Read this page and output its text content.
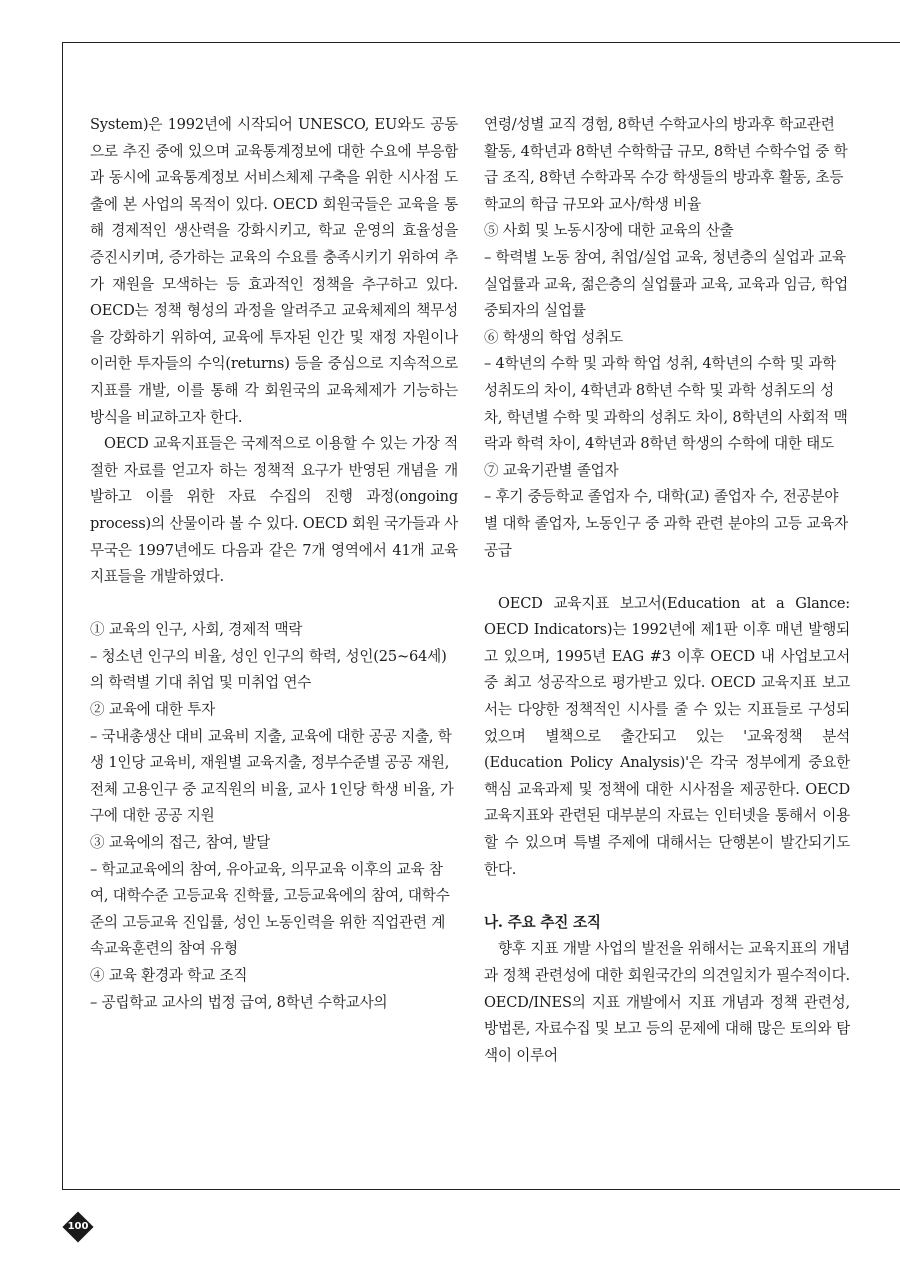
System)은 1992년에 시작되어 UNESCO, EU와도 공동으로 추진 중에 있으며 교육통계정보에 대한 수요에 부응함과 동시에 교육통계정보 서비스체제 구축을 위한 시사점 도출에 본 사업의 목적이 있다. OECD 회원국들은 교육을 통해 경제적인 생산력을 강화시키고, 학교 운영의 효율성을 증진시키며, 증가하는 교육의 수요를 충족시키기 위하여 추가 재원을 모색하는 등 효과적인 정책을 추구하고 있다. OECD는 정책 형성의 과정을 알려주고 교육체제의 책무성을 강화하기 위하여, 교육에 투자된 인간 및 재정 자원이나 이러한 투자들의 수익(returns) 등을 중심으로 지속적으로 지표를 개발, 이를 통해 각 회원국의 교육체제가 기능하는 방식을 비교하고자 한다.

OECD 교육지표들은 국제적으로 이용할 수 있는 가장 적절한 자료를 얻고자 하는 정책적 요구가 반영된 개념을 개발하고 이를 위한 자료 수집의 진행 과정(ongoing process)의 산물이라 볼 수 있다. OECD 회원 국가들과 사무국은 1997년에도 다음과 같은 7개 영역에서 41개 교육지표들을 개발하였다.

① 교육의 인구, 사회, 경제적 맥락
– 청소년 인구의 비율, 성인 인구의 학력, 성인(25~64세)의 학력별 기대 취업 및 미취업 연수
② 교육에 대한 투자
– 국내총생산 대비 교육비 지출, 교육에 대한 공공 지출, 학생 1인당 교육비, 재원별 교육지출, 정부수준별 공공 재원, 전체 고용인구 중 교직원의 비율, 교사 1인당 학생 비율, 가구에 대한 공공 지원
③ 교육에의 접근, 참여, 발달
– 학교교육에의 참여, 유아교육, 의무교육 이후의 교육 참여, 대학수준 고등교육 진학률, 고등교육에의 참여, 대학수준의 고등교육 진입률, 성인 노동인력을 위한 직업관련 계속교육훈련의 참여 유형
④ 교육 환경과 학교 조직
– 공립학교 교사의 법정 급여, 8학년 수학교사의
연령/성별 교직 경험, 8학년 수학교사의 방과후 학교관련 활동, 4학년과 8학년 수학학급 규모, 8학년 수학수업 중 학급 조직, 8학년 수학과목 수강 학생들의 방과후 활동, 초등학교의 학급 규모와 교사/학생 비율
⑤ 사회 및 노동시장에 대한 교육의 산출
– 학력별 노동 참여, 취업/실업 교육, 청년층의 실업과 교육 실업률과 교육, 젊은층의 실업률과 교육, 교육과 임금, 학업 중퇴자의 실업률
⑥ 학생의 학업 성취도
– 4학년의 수학 및 과학 학업 성취, 4학년의 수학 및 과학 성취도의 차이, 4학년과 8학년 수학 및 과학 성취도의 성차, 학년별 수학 및 과학의 성취도 차이, 8학년의 사회적 맥락과 학력 차이, 4학년과 8학년 학생의 수학에 대한 태도
⑦ 교육기관별 졸업자
– 후기 중등학교 졸업자 수, 대학(교) 졸업자 수, 전공분야별 대학 졸업자, 노동인구 중 과학 관련 분야의 고등 교육자 공급

OECD 교육지표 보고서(Education at a Glance: OECD Indicators)는 1992년에 제1판 이후 매년 발행되고 있으며, 1995년 EAG #3 이후 OECD 내 사업보고서 중 최고 성공작으로 평가받고 있다. OECD 교육지표 보고서는 다양한 정책적인 시사를 줄 수 있는 지표들로 구성되었으며 별책으로 출간되고 있는 '교육정책 분석(Education Policy Analysis)'은 각국 정부에게 중요한 핵심 교육과제 및 정책에 대한 시사점을 제공한다. OECD 교육지표와 관련된 대부분의 자료는 인터넷을 통해서 이용할 수 있으며 특별 주제에 대해서는 단행본이 발간되기도 한다.

나. 주요 추진 조직

향후 지표 개발 사업의 발전을 위해서는 교육지표의 개념과 정책 관련성에 대한 회원국간의 의견일치가 필수적이다. OECD/INES의 지표 개발에서 지표 개념과 정책 관련성, 방법론, 자료수집 및 보고 등의 문제에 대해 많은 토의와 탐색이 이루어

100
